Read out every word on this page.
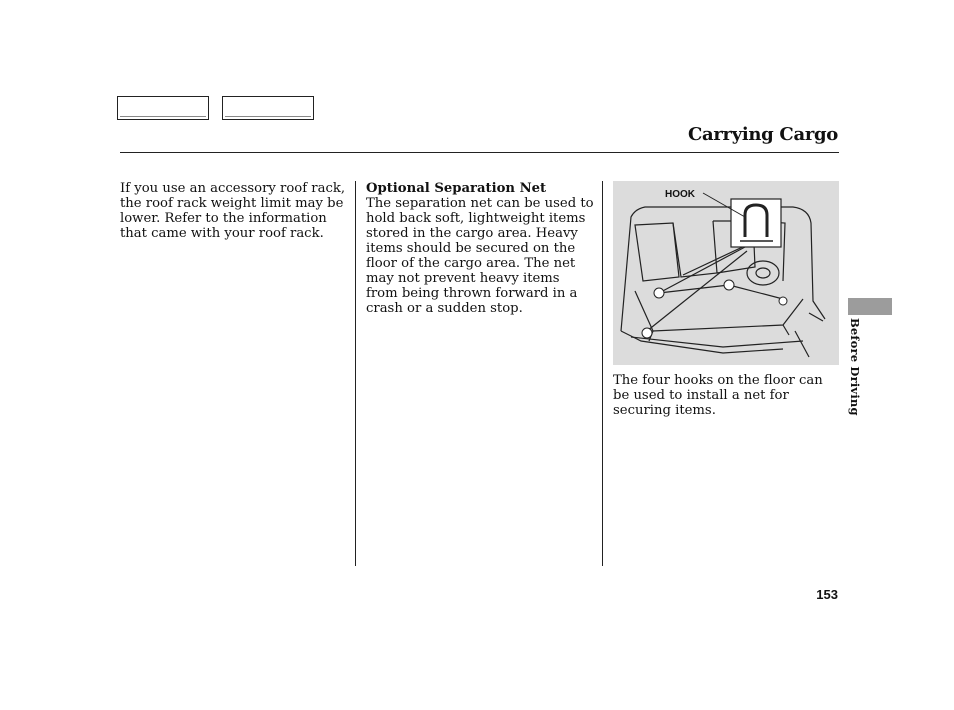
Carrying Cargo

If you use an accessory roof rack, the roof rack weight limit may be lower. Refer to the information that came with your roof rack.

Optional Separation Net

The separation net can be used to hold back soft, lightweight items stored in the cargo area. Heavy items should be secured on the floor of the cargo area. The net may not prevent heavy items from being thrown forward in a crash or a sudden stop.

HOOK

The four hooks on the floor can be used to install a net for securing items.	Before Driving
153
